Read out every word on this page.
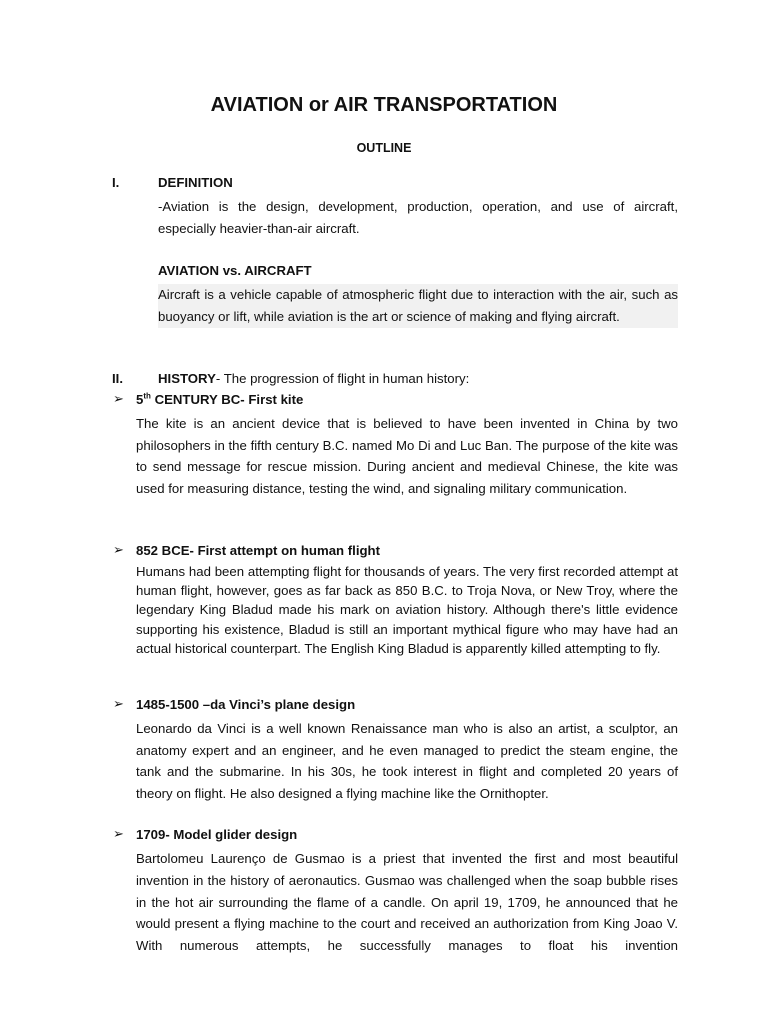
AVIATION or AIR TRANSPORTATION
OUTLINE
I.	DEFINITION
-Aviation is the design, development, production, operation, and use of aircraft, especially heavier-than-air aircraft.
AVIATION vs. AIRCRAFT
Aircraft is a vehicle capable of atmospheric flight due to interaction with the air, such as buoyancy or lift, while aviation is the art or science of making and flying aircraft.
II.	HISTORY- The progression of flight in human history:
➢ 5th CENTURY BC- First kite
The kite is an ancient device that is believed to have been invented in China by two philosophers in the fifth century B.C. named Mo Di and Luc Ban. The purpose of the kite was to send message for rescue mission. During ancient and medieval Chinese, the kite was used for measuring distance, testing the wind, and signaling military communication.
➢ 852 BCE- First attempt on human flight
Humans had been attempting flight for thousands of years. The very first recorded attempt at human flight, however, goes as far back as 850 B.C. to Troja Nova, or New Troy, where the legendary King Bladud made his mark on aviation history. Although there's little evidence supporting his existence, Bladud is still an important mythical figure who may have had an actual historical counterpart. The English King Bladud is apparently killed attempting to fly.
➢ 1485-1500 –da Vinci’s plane design
Leonardo da Vinci is a well known Renaissance man who is also an artist, a sculptor, an anatomy expert and an engineer, and he even managed to predict the steam engine, the tank and the submarine. In his 30s, he took interest in flight and completed 20 years of theory on flight. He also designed a flying machine like the Ornithopter.
➢ 1709- Model glider design
Bartolomeu Laurenço de Gusmao is a priest that invented the first and most beautiful invention in the history of aeronautics. Gusmao was challenged when the soap bubble rises in the hot air surrounding the flame of a candle. On april 19, 1709, he announced that he would present a flying machine to the court and received an authorization from King Joao V. With numerous attempts, he successfully manages to float his invention
